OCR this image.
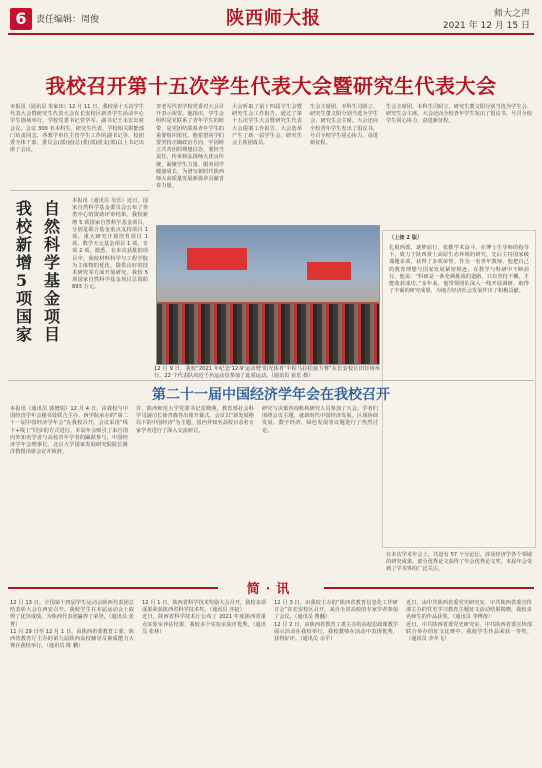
6	责任编辑：周俊	陕西师大报	师大之声
2021 年 12 月 15 日
我校召开第十五次学生代表大会暨研究生代表大会
本报讯（通讯员 朱家玮）12 月 11 日，我校第十五次学生代表大会暨研究生代表大会在长安校区新青学生活动中心学生剧场举行。学校党委书记党学军、副书记王永宏出席会议。会议 300 名本科生、研究生代表，学校相关职能部门负责同志，各教学单位主管学生工作的副书记等，校团委全体干部、委员会(部)团(总)委(部)团支(部)以上书记出席了会议。
我校新增 5 项国家
自然科学基金项目
本报讯（通讯员 吴乐）近日，国家自然科学基金委员会公布了拳勇中心的资助评审结果。我校新增 5 项国家自然科学基金项目，分别是联合基金重点支持项目 1 项，重大研究计划培育项目 1 项，数学天元基金项目 1 项，专项 2 项。据悉，在本次获批的项目中，我校材料科学与工程学院为主体物的优化，提供良好的技术研究等方面开展研究。我校 5 项国家自然科学基金项目总资助 893 万元。
李老军代表学校党委对大会召开表示祝贺。他指出，学生会组织是党联系了青年学生的纽带，是党团结联系青年学生的重要组织依托。他希望同学们要坚持正确政治方向，牢固树立共青团的理想信念，要担当责任，传承和弘扬师大优良传统，凝聚学生力量、服务同学健康成长，为谱写新时代陕西师大高质量发展新篇章贡献青春力量。
大会听取了第十四届学生会暨研究生会工作报告，通过了第十五次学生大会暨研究生代表大会提案工作报告。大会选举产生了新一届学生会、研究生会主席团成员。
生会主席团，本科生司昭立、研究生董文阳分别当选为学生会、研究生会主席。大会还向全校青年学生发出了倡议书，号召全校学生同心协力，奋进新征程。
生会主席团，本科生司昭立、研究生董文阳分别当选为学生会、研究生会主席。大会还向全校青年学生发出了倡议书，号召全校学生同心协力，奋进新征程。
12 月 9 日，我校“2021 年纪念‘12·9’运动暨‘阳光体育’半程马拉松接力赛”在长安校区田径场举行。22 个代表队的近千名运动员参加了此项运动。（通讯员 崔乐 摄）
（上接 2 版）
扎根西部，逐梦前行，张勤学术奋斗，在博士生导师的指导下，致力于陕西黄土高原生态环境的研究，先后主持国家级课题多项，获得了多项荣誉。作为一名青年教师，他把自己的教育理想与国家发展紧密相连，在教学与科研中不断前行。他说：“科研是一条充满挑战的道路，只有坚持不懈，才能收获成功。”多年来，他带领团队深入一线开展调研，取得了丰硕的研究成果，为地方经济社会发展作出了积极贡献。
第二十一届中国经济学年会在我校召开
本报讯（通讯员 郭增瑞）12 月 4 日，由我校与中国经济学年会秘书处联合主办，西学院承办的“第二十一届中国经济学年会”在我校召开。会议采用“线下+线上”同步的方式进行。本届年会吸引了来自国内外知名学者与高校青年学者的踊跃参与，中国经济学年会理事长、北京大学国家发展研究院院长姚洋教授出席会议并致辞。
许，陕西师范大学党委书记雷晓燕，教育部社会科学司副司长徐青森等出席开幕式。会议以“新发展格局下的中国经济”为主题，国内外知名高校百余名专家学者进行了深入交流研讨。
研究与决策咨询机构研究人员参加了大会。学者们围绕会议主题，就新时代中国经济发展、区域协调发展、数字经济、绿色发展等议题进行了热烈讨论。
在本次学术年会上，共设有 57 个分论坛，涉及经济学各个领域的研究成果。部分优秀论文获得了年会优秀论文奖，本届年会受到了学术界的广泛关注。
简·讯
12 月 13 日，全国第十四届学生运动会陕西代表团总结表彰大会在西安召开。我校学生在本届运动会上取得了优异成绩，为陕西代表团赢得了荣誉。（通讯员 张菁）
11 月 29 日至 12 月 1 日，由陕西省委教育工委、陕西省教育厅主办的第九届陕西高校辅导员素质能力大赛在我校举行。（通讯员 陈 鹏）
12 月 1 日，陕西省科学技术奖励大会召开，我校多项成果荣获陕西省科学技术奖。（通讯员 齐赵）
近日，陕西省科学技术厅公布了 2021 年度陕西省重点实验室评估结果，我校多个实验室获评优秀。（通讯员 张林）
12 月 3 日，由我校主办的“陕西省教育信息化工作研讨会”在长安校区召开，来自全省高校的专家学者参加了会议。（通讯员 曹翻）
12 月 2 日，由陕西省教育工委主办的高校思政课教学展示活动在我校举行，我校教师在活动中表现优秀，获得好评。（通讯员 余平）
近日，由中共陕西省委党史研究室、中共陕西省委宣传部主办的党史学习教育主题征文活动结果揭晓，我校多名师生的作品获奖。（通讯员 李博涛）
近日，中共陕西省委党史研究室、中共陕西省委宣传部联合举办的征文比赛中，我校学生作品荣获一等奖。（通讯员 李冬飞）
